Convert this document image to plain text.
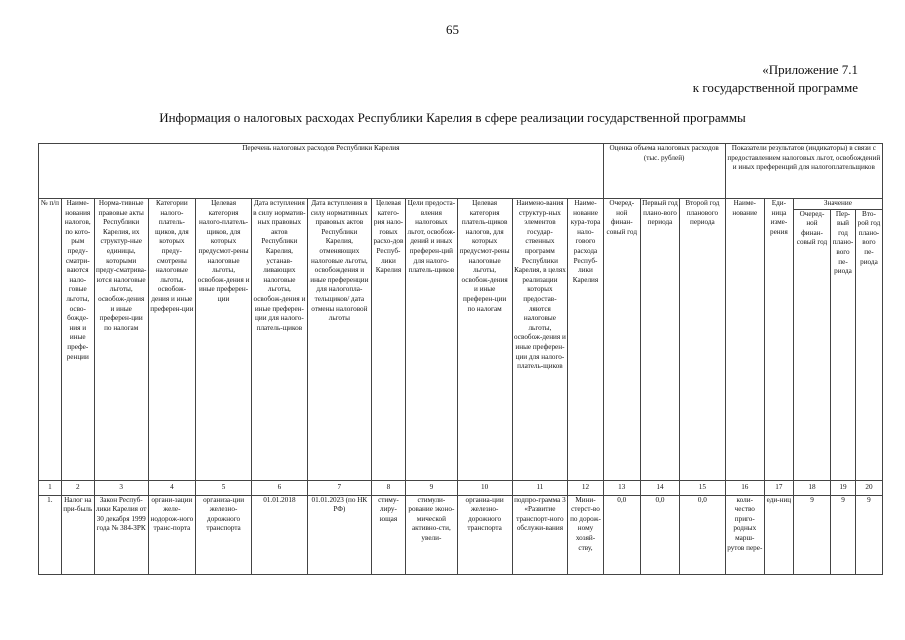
65
«Приложение 7.1
к государственной программе
Информация о налоговых расходах Республики Карелия в сфере реализации государственной программы
Перечень налоговых расходов Республики Карелия												Оценка объема налоговых расходов (тыс. рублей)			Показатели результатов (индикаторы) в связи с предоставлением налоговых льгот, освобождений и иных преференций для налогоплательщиков				
№ п/п	Наиме-нования налогов, по кото-рым преду-сматри-ваются нало-говые льготы, осво-божде-ния и иные префе-ренции	Норма-тивные правовые акты Республики Карелия, их структур-ные единицы, которыми преду-сматрива-ются налоговые льготы, освобож-дения и иные преферен-ции по налогам	Категории налого-платель-щиков, для которых преду-смотрены налоговые льготы, освобож-дения и иные преферен-ции	Целевая категория налого-платель-щиков, для которых предусмот-рены налоговые льготы, освобож-дения и иные преферен-ции	Дата вступления в силу норматив-ных правовых актов Республики Карелия, устанав-ливающих налоговые льготы, освобож-дения и иные преферен-ции для налого-платель-щиков	Дата вступления в силу нормативных правовых актов Республики Карелия, отменяющих налоговые льготы, освобождения и иные преференции для налогопла-тельщиков/ дата отмены налоговой льготы	Целевая катего-рия нало-говых расхо-дов Респуб-лики Карелия	Цели предоста-вления налоговых льгот, освобож-дений и иных преферен-ций для налого-платель-щиков	Целевая категория платель-щиков налогов, для которых предусмот-рены налоговые льготы, освобож-дения и иные преферен-ции по налогам	Наимено-вания структур-ных элементов государ-ственных программ Республики Карелия, в целях реализации которых предостав-ляются налоговые льготы, освобож-дения и иные преферен-ции для налого-платель-щиков	Наиме-нование кура-тора нало-гового расхода Респуб-лики Карелия	Очеред-ной финан-совый год	Первый год плано-вого периода	Второй год планового периода	Наиме-нование	Еди-ница изме-рения	Значение		
																	Очеред-ной финан-совый год	Пер-вый год плано-вого пе-риода	Вто-рой год плано-вого пе-риода
1	2	3	4	5	6	7	8	9	10	11	12	13	14	15	16	17	18	19	20
1.	Налог на при-быль	Закон Респуб-лики Карелия от 30 декабря 1999 года № 384-ЗРК	органи-зации желе-нодорож-ного транс-порта	организа-ции железно-дорожного транспорта	01.01.2018	01.01.2023 (по НК РФ)	стиму-лиру-ющая	стимули-рование эконо-мической активно-сти, увели-	органиа-ции железно-дорожного транспорта	подпро-грамма 3 «Развитие транспорт-ного обслужи-вания	Мини-стерст-во по дорож-ному хозяй-ству,	0,0	0,0	0,0	коли-чество приго-родных марш-рутов пере-	еди-ниц	9	9	9
